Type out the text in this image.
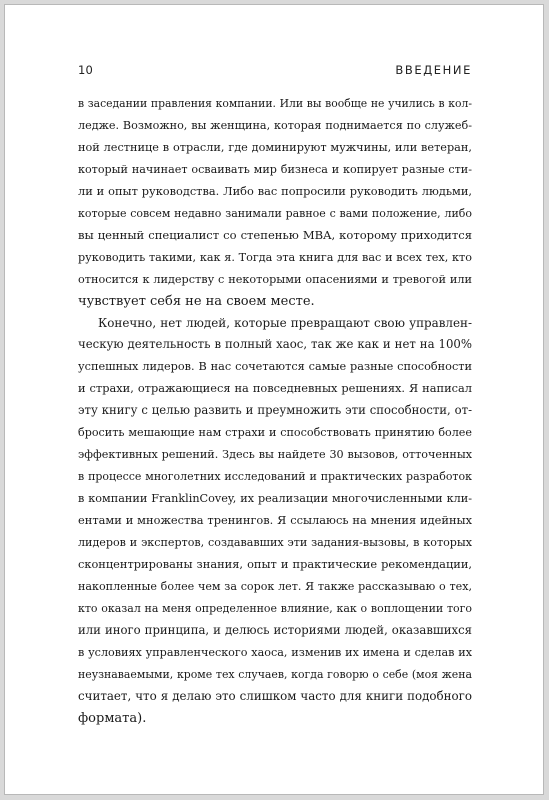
10	ВВЕДЕНИЕ

в заседании правления компании. Или вы вообще не учились в кол-
ледже. Возможно, вы женщина, которая поднимается по служеб-
ной лестнице в отрасли, где доминируют мужчины, или ветеран,
который начинает осваивать мир бизнеса и копирует разные сти-
ли и опыт руководства. Либо вас попросили руководить людьми,
которые совсем недавно занимали равное с вами положение, либо
вы ценный специалист со степенью MBA, которому приходится
руководить такими, как я. Тогда эта книга для вас и всех тех, кто
относится к лидерству с некоторыми опасениями и тревогой или
чувствует себя не на своем месте.

Конечно, нет людей, которые превращают свою управлен-
ческую деятельность в полный хаос, так же как и нет на 100%
успешных лидеров. В нас сочетаются самые разные способности
и страхи, отражающиеся на повседневных решениях. Я написал
эту книгу с целью развить и преумножить эти способности, от-
бросить мешающие нам страхи и способствовать принятию более
эффективных решений. Здесь вы найдете 30 вызовов, отточенных
в процессе многолетних исследований и практических разработок
в компании FranklinCovey, их реализации многочисленными кли-
ентами и множества тренингов. Я ссылаюсь на мнения идейных
лидеров и экспертов, создававших эти задания-вызовы, в которых
сконцентрированы знания, опыт и практические рекомендации,
накопленные более чем за сорок лет. Я также рассказываю о тех,
кто оказал на меня определенное влияние, как о воплощении того
или иного принципа, и делюсь историями людей, оказавшихся
в условиях управленческого хаоса, изменив их имена и сделав их
неузнаваемыми, кроме тех случаев, когда говорю о себе (моя жена
считает, что я делаю это слишком часто для книги подобного
формата).
